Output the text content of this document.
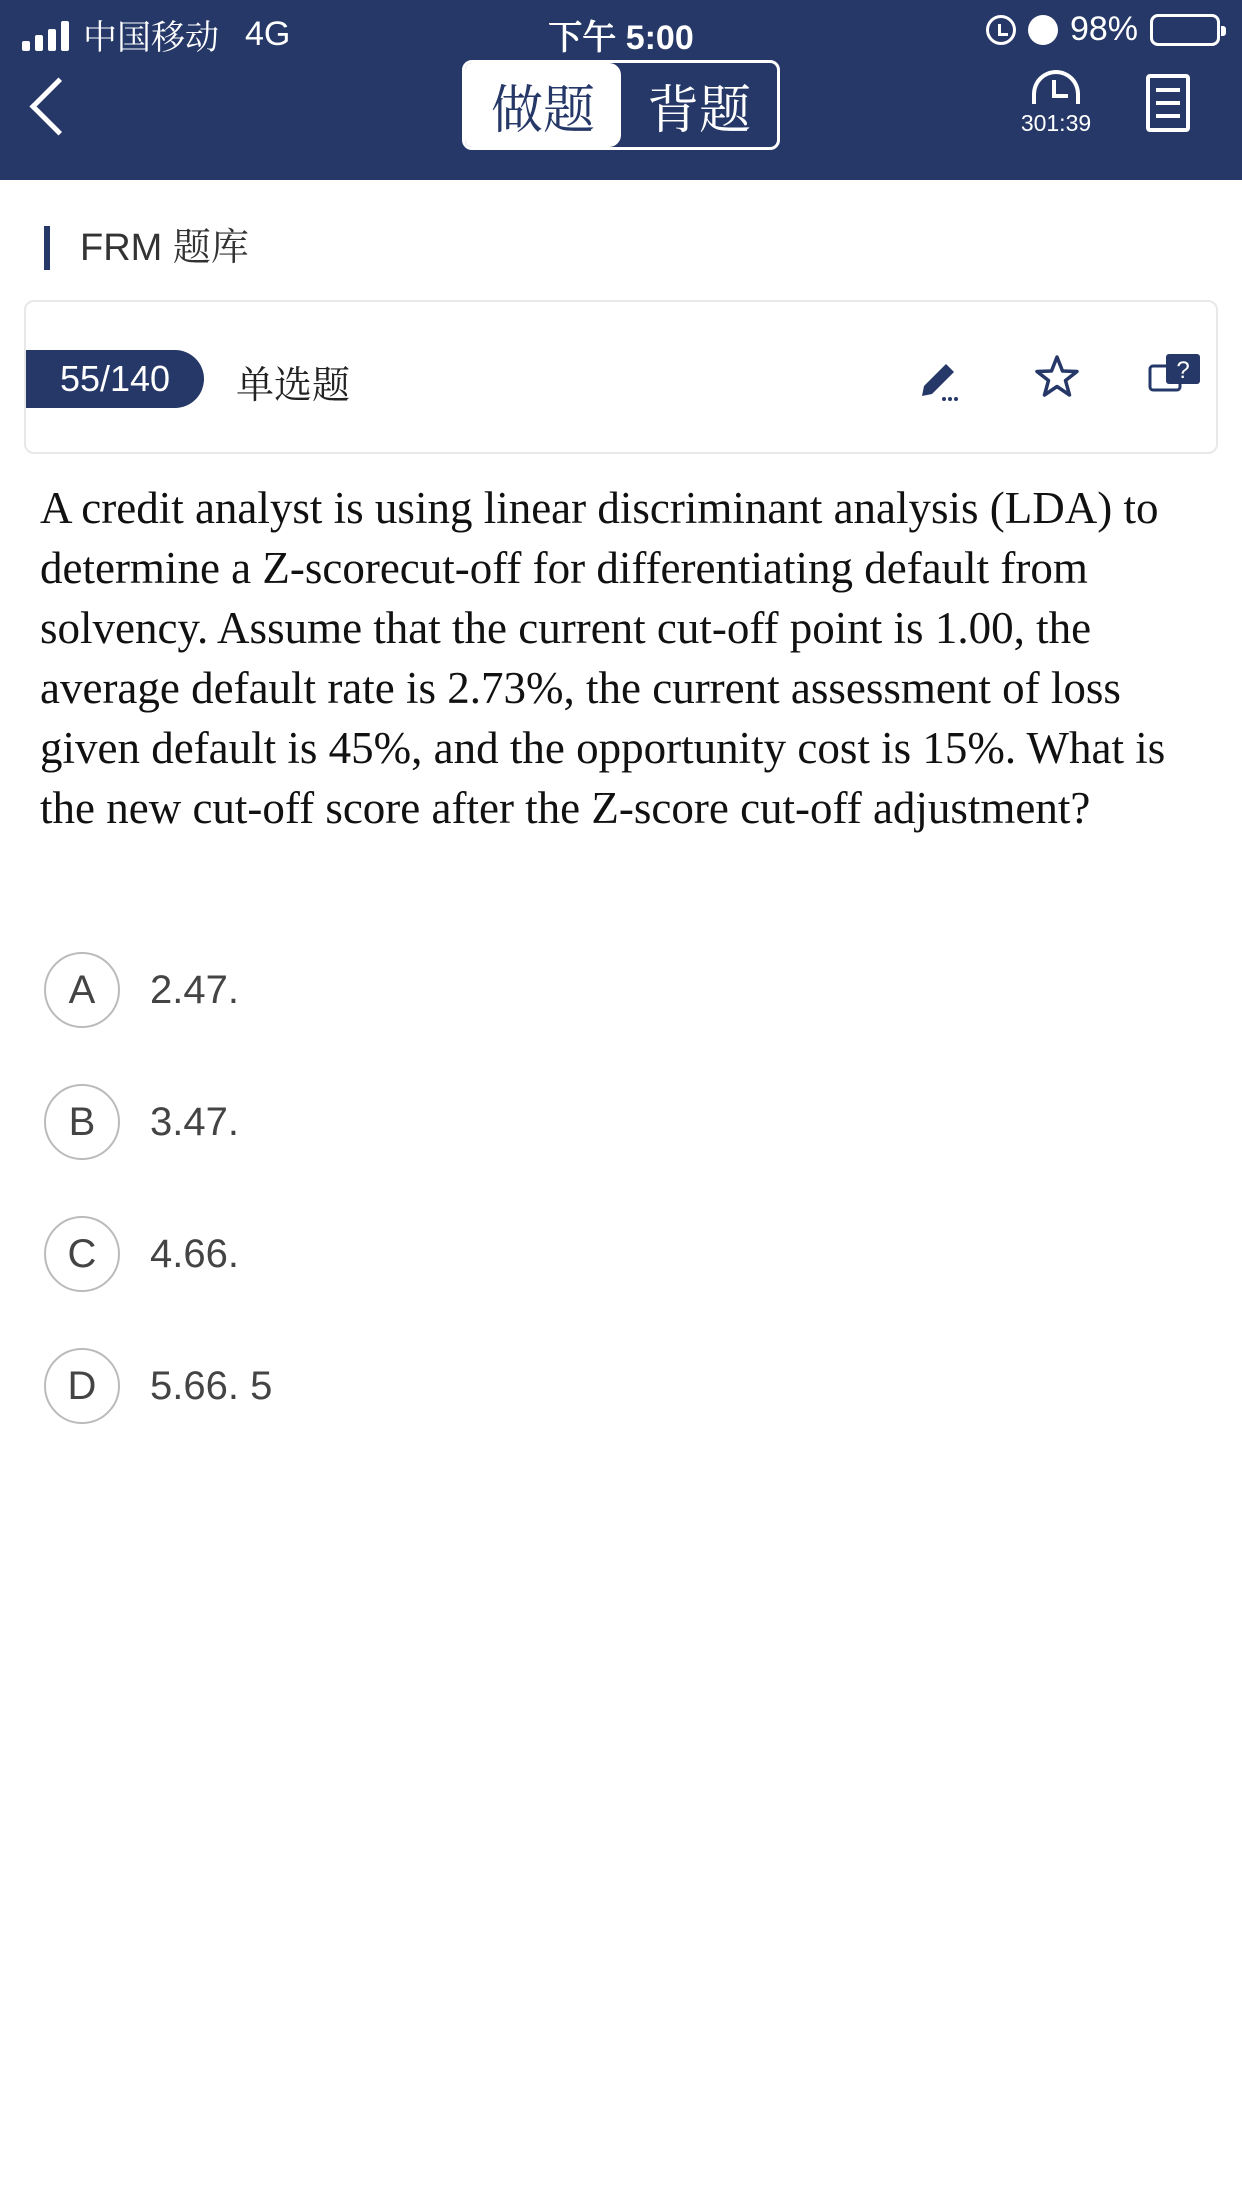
中国移动 4G	下午 5:00	98%
做题 背题	301:39
FRM 题库
55/140	单选题	?
A credit analyst is using linear discriminant analysis (LDA) to determine a Z-scorecut-off for differentiating default from solvency. Assume that the current cut-off point is 1.00, the average default rate is 2.73%, the current assessment of loss given default is 45%, and the opportunity cost is 15%. What is the new cut-off score after the Z-score cut-off adjustment?
A	2.47.
B	3.47.
C	4.66.
D	5.66. 5
